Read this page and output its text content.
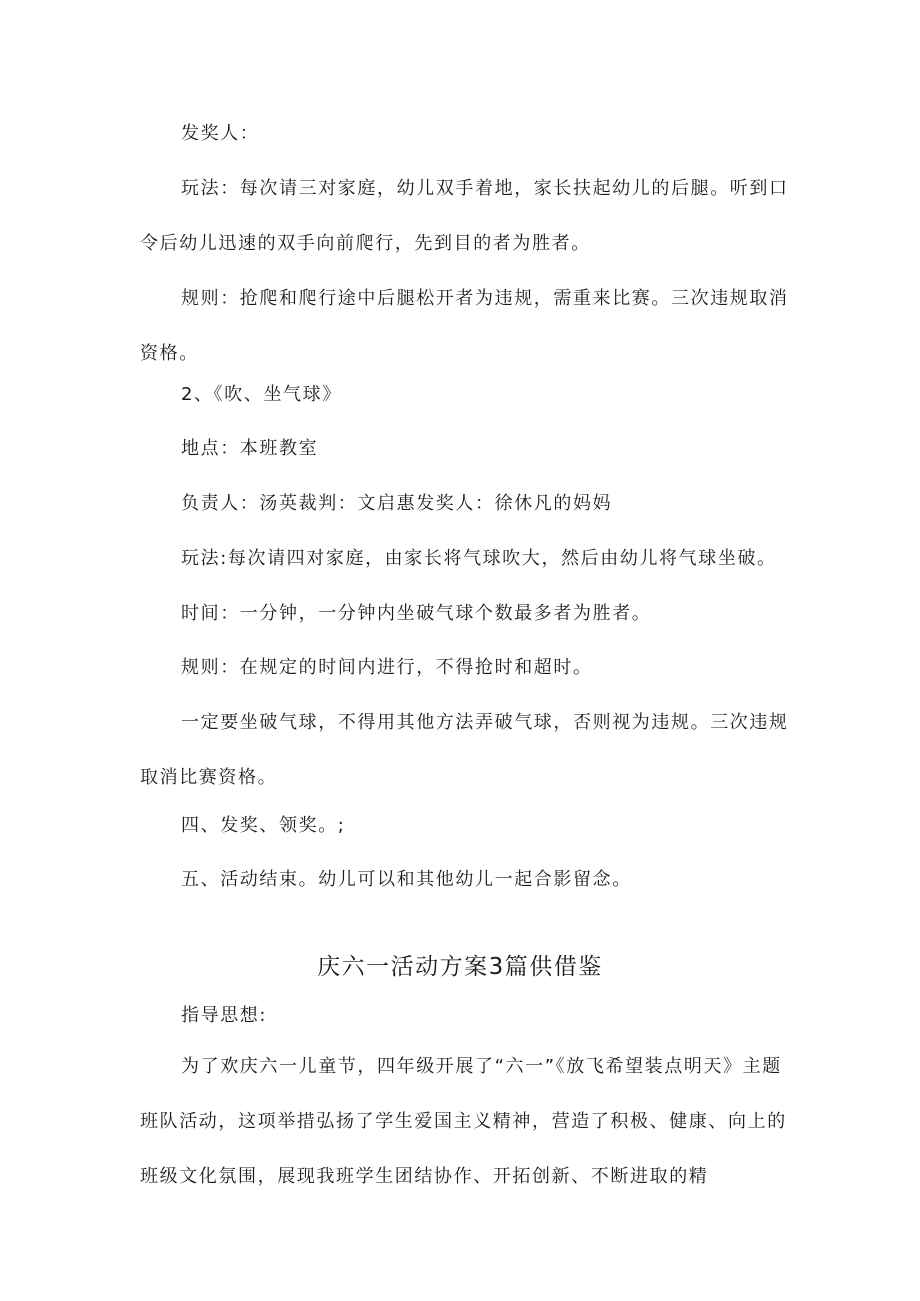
发奖人：

玩法：每次请三对家庭，幼儿双手着地，家长扶起幼儿的后腿。听到口令后幼儿迅速的双手向前爬行，先到目的者为胜者。

规则：抢爬和爬行途中后腿松开者为违规，需重来比赛。三次违规取消资格。

2、《吹、坐气球》

地点：本班教室

负责人：汤英裁判：文启惠发奖人：徐休凡的妈妈

玩法:每次请四对家庭，由家长将气球吹大，然后由幼儿将气球坐破。

时间：一分钟，一分钟内坐破气球个数最多者为胜者。

规则：在规定的时间内进行，不得抢时和超时。

一定要坐破气球，不得用其他方法弄破气球，否则视为违规。三次违规取消比赛资格。

四、发奖、领奖。;

五、活动结束。幼儿可以和其他幼儿一起合影留念。

庆六一活动方案3篇供借鉴

指导思想:

为了欢庆六一儿童节，四年级开展了“六一”《放飞希望装点明天》主题班队活动，这项举措弘扬了学生爱国主义精神，营造了积极、健康、向上的班级文化氛围，展现我班学生团结协作、开拓创新、不断进取的精
